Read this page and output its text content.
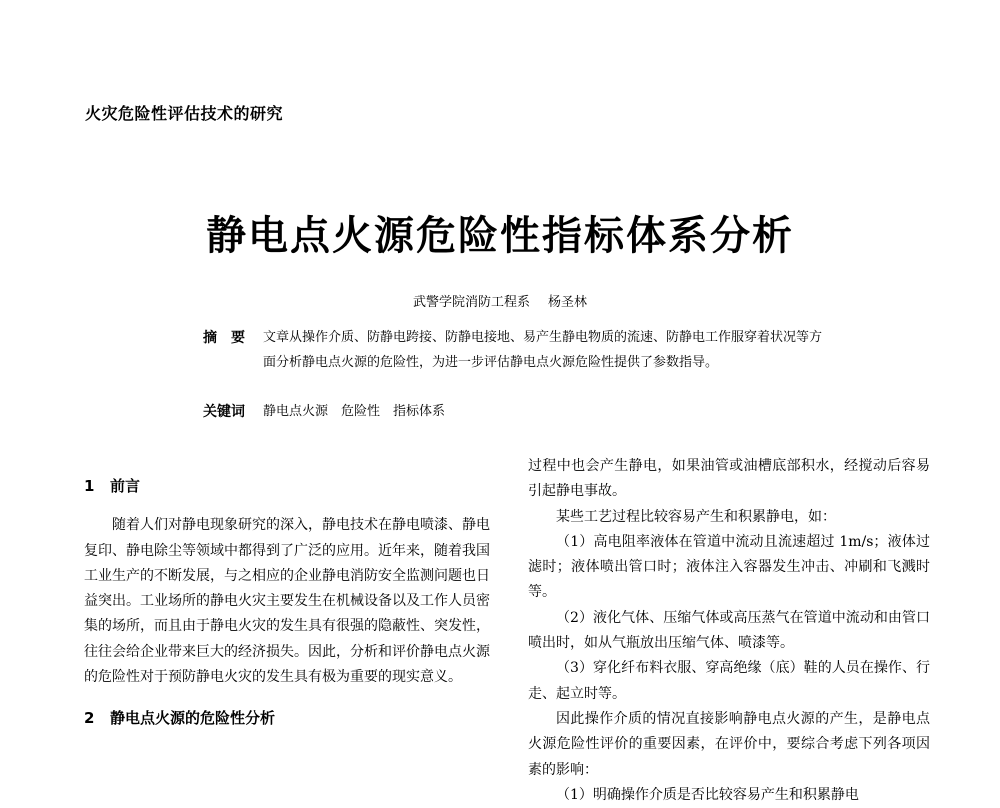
火灾危险性评估技术的研究
静电点火源危险性指标体系分析
武警学院消防工程系 杨圣林
摘　要 文章从操作介质、防静电跨接、防静电接地、易产生静电物质的流速、防静电工作服穿着状况等方面分析静电点火源的危险性，为进一步评估静电点火源危险性提供了参数指导。
关键词 静电点火源　危险性　指标体系

1 前言

随着人们对静电现象研究的深入，静电技术在静电喷漆、静电复印、静电除尘等领域中都得到了广泛的应用。近年来，随着我国工业生产的不断发展，与之相应的企业静电消防安全监测问题也日益突出。工业场所的静电火灾主要发生在机械设备以及工作人员密集的场所，而且由于静电火灾的发生具有很强的隐蔽性、突发性，往往会给企业带来巨大的经济损失。因此，分析和评价静电点火源的危险性对于预防静电火灾的发生具有极为重要的现实意义。

2 静电点火源的危险性分析

过程中也会产生静电，如果油管或油槽底部积水，经搅动后容易引起静电事故。

某些工艺过程比较容易产生和积累静电，如：

（1）高电阻率液体在管道中流动且流速超过 1m/s；液体过滤时；液体喷出管口时；液体注入容器发生冲击、冲刷和飞溅时等。

（2）液化气体、压缩气体或高压蒸气在管道中流动和由管口喷出时，如从气瓶放出压缩气体、喷漆等。

（3）穿化纤布料衣服、穿高绝缘（底）鞋的人员在操作、行走、起立时等。

因此操作介质的情况直接影响静电点火源的产生，是静电点火源危险性评价的重要因素，在评价中，要综合考虑下列各项因素的影响：

（1）明确操作介质是否比较容易产生和积累静电
